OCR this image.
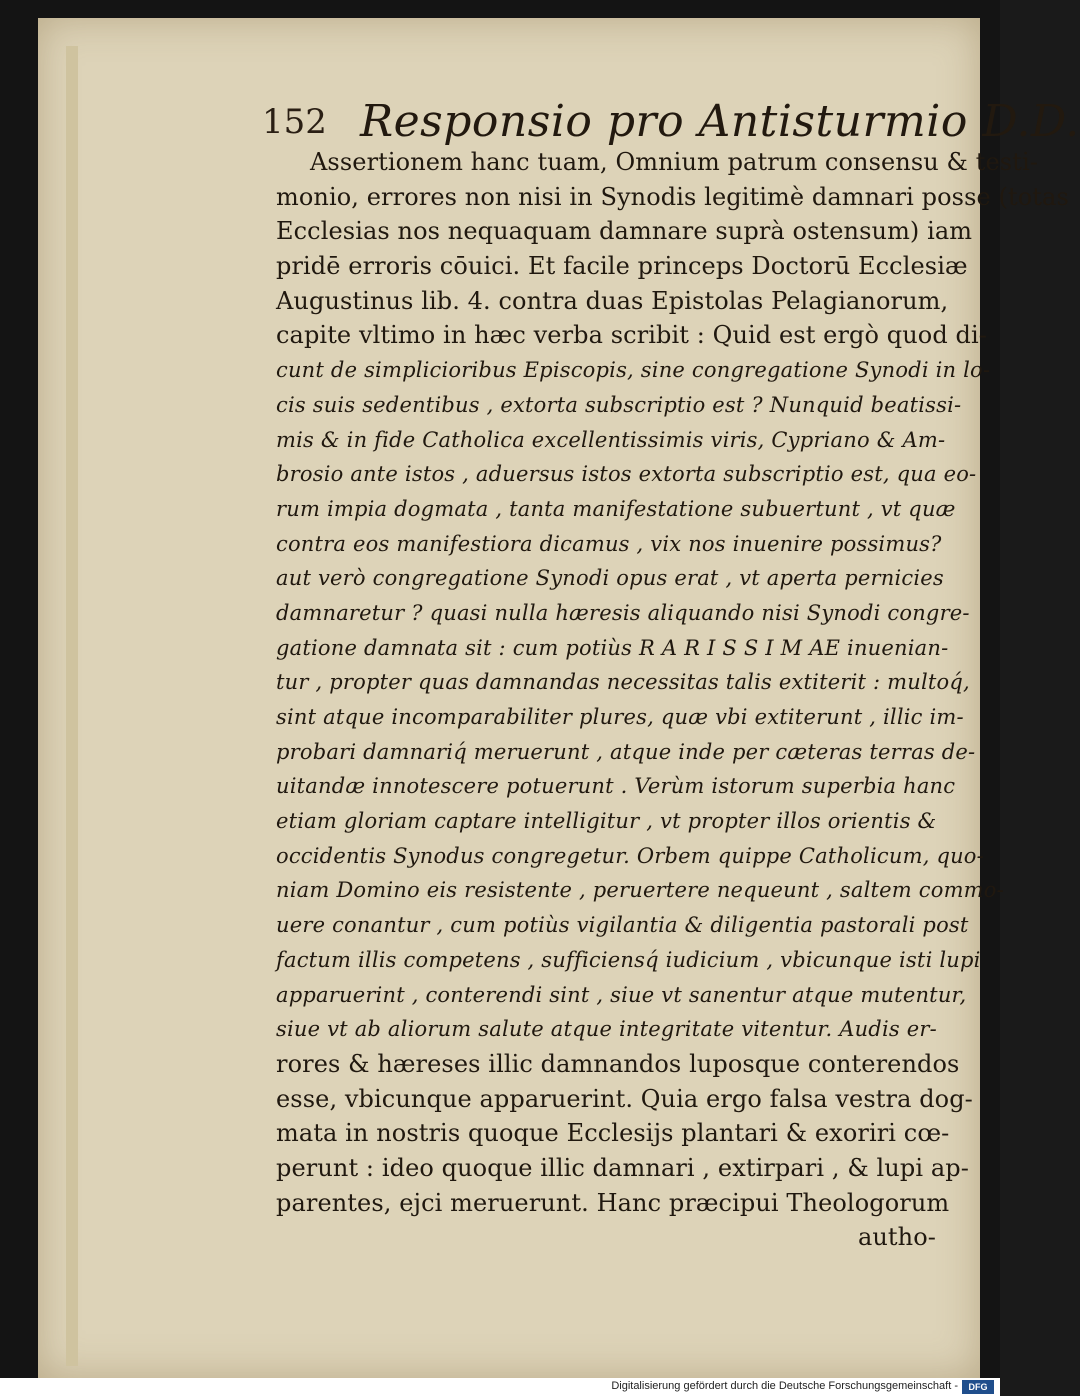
152 Responsio pro Antisturmio D.D.
Assertionem hanc tuam, Omnium patrum consensu & testi-
monio, errores non nisi in Synodis legitimè damnari posse (totas
Ecclesias nos nequaquam damnare suprà ostensum) iam
pridē erroris cōuici. Et facile princeps Doctorū Ecclesiæ
Augustinus lib. 4. contra duas Epistolas Pelagianorum,
capite vltimo in hæc verba scribit : Quid est ergò quod di-
cunt de simplicioribus Episcopis, sine congregatione Synodi in lo-
cis suis sedentibus , extorta subscriptio est ? Nunquid beatissi-
mis & in fide Catholica excellentissimis viris, Cypriano & Am-
brosio ante istos , aduersus istos extorta subscriptio est, qua eo-
rum impia dogmata , tanta manifestatione subuertunt , vt quæ
contra eos manifestiora dicamus , vix nos inuenire possimus?
aut verò congregatione Synodi opus erat , vt aperta pernicies
damnaretur ? quasi nulla hæresis aliquando nisi Synodi congre-
gatione damnata sit : cum potiùs R A R I S S I M AE inuenian-
tur , propter quas damnandas necessitas talis extiterit : multoq́,
sint atque incomparabiliter plures, quæ vbi extiterunt , illic im-
probari damnariq́ meruerunt , atque inde per cæteras terras de-
uitandæ innotescere potuerunt . Verùm istorum superbia hanc
etiam gloriam captare intelligitur , vt propter illos orientis &
occidentis Synodus congregetur. Orbem quippe Catholicum, quo-
niam Domino eis resistente , peruertere nequeunt , saltem commo-
uere conantur , cum potiùs vigilantia & diligentia pastorali post
factum illis competens , sufficiensq́ iudicium , vbicunque isti lupi
apparuerint , conterendi sint , siue vt sanentur atque mutentur,
siue vt ab aliorum salute atque integritate vitentur. Audis er-
rores & hæreses illic damnandos luposque conterendos
esse, vbicunque apparuerint. Quia ergo falsa vestra dog-
mata in nostris quoque Ecclesijs plantari & exoriri cœ-
perunt : ideo quoque illic damnari , extirpari , & lupi ap-
parentes, ejci meruerunt. Hanc præcipui Theologorum
autho-
Digitalisierung gefördert durch die Deutsche Forschungsgemeinschaft -	DFG
